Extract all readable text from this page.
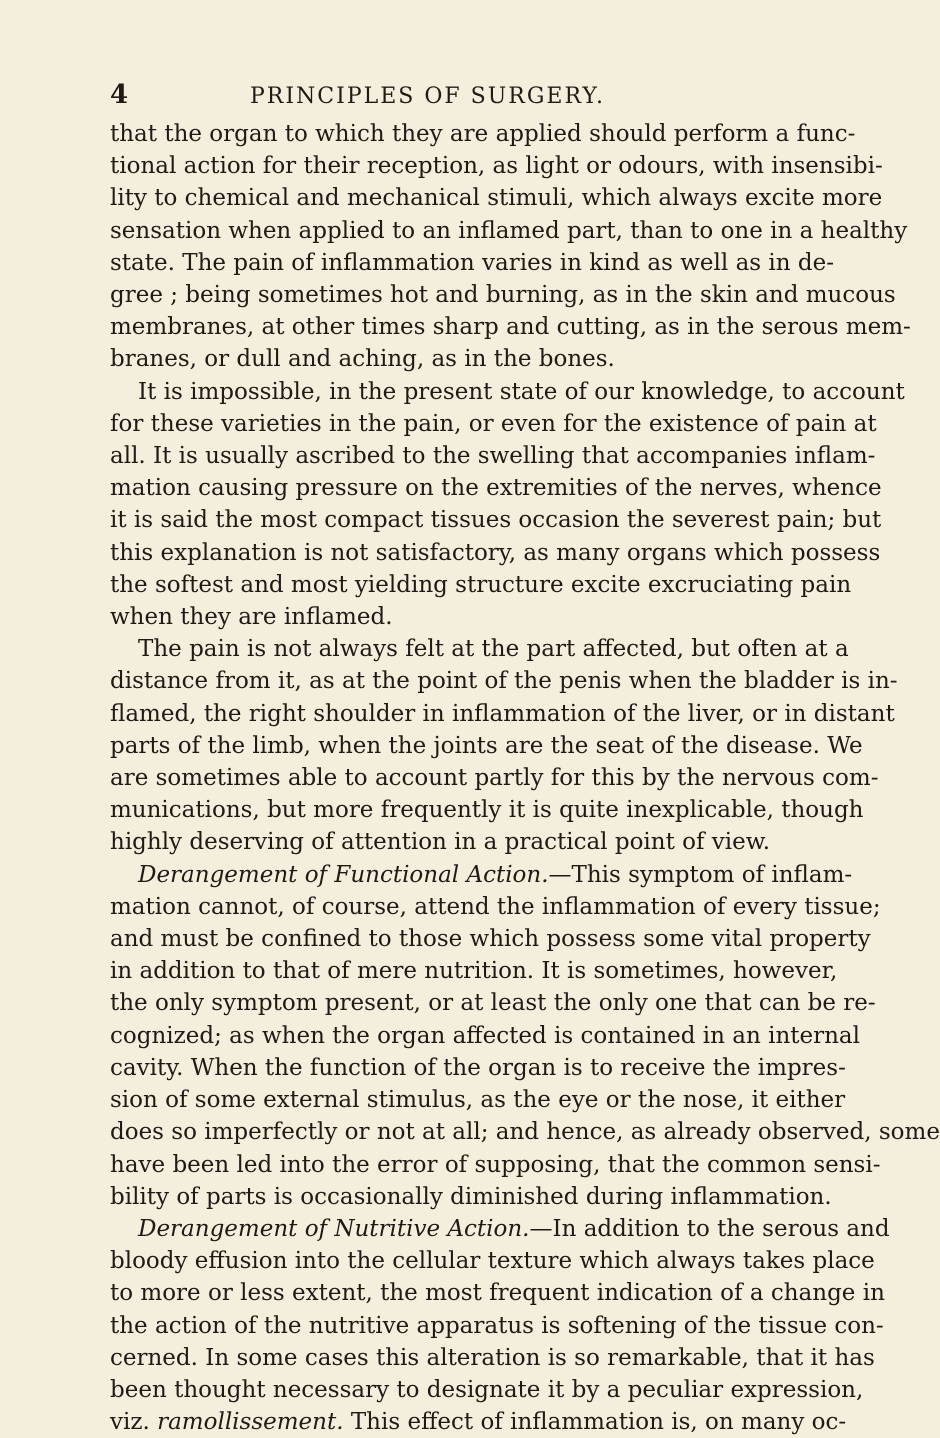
4	PRINCIPLES OF SURGERY.
that the organ to which they are applied should perform a func-
tional action for their reception, as light or odours, with insensibi-
lity to chemical and mechanical stimuli, which always excite more
sensation when applied to an inflamed part, than to one in a healthy
state. The pain of inflammation varies in kind as well as in de-
gree ; being sometimes hot and burning, as in the skin and mucous
membranes, at other times sharp and cutting, as in the serous mem-
branes, or dull and aching, as in the bones.
It is impossible, in the present state of our knowledge, to account
for these varieties in the pain, or even for the existence of pain at
all. It is usually ascribed to the swelling that accompanies inflam-
mation causing pressure on the extremities of the nerves, whence
it is said the most compact tissues occasion the severest pain; but
this explanation is not satisfactory, as many organs which possess
the softest and most yielding structure excite excruciating pain
when they are inflamed.
The pain is not always felt at the part affected, but often at a
distance from it, as at the point of the penis when the bladder is in-
flamed, the right shoulder in inflammation of the liver, or in distant
parts of the limb, when the joints are the seat of the disease. We
are sometimes able to account partly for this by the nervous com-
munications, but more frequently it is quite inexplicable, though
highly deserving of attention in a practical point of view.
Derangement of Functional Action.—This symptom of inflam-
mation cannot, of course, attend the inflammation of every tissue;
and must be confined to those which possess some vital property
in addition to that of mere nutrition. It is sometimes, however,
the only symptom present, or at least the only one that can be re-
cognized; as when the organ affected is contained in an internal
cavity. When the function of the organ is to receive the impres-
sion of some external stimulus, as the eye or the nose, it either
does so imperfectly or not at all; and hence, as already observed, some
have been led into the error of supposing, that the common sensi-
bility of parts is occasionally diminished during inflammation.
Derangement of Nutritive Action.—In addition to the serous and
bloody effusion into the cellular texture which always takes place
to more or less extent, the most frequent indication of a change in
the action of the nutritive apparatus is softening of the tissue con-
cerned. In some cases this alteration is so remarkable, that it has
been thought necessary to designate it by a peculiar expression,
viz. ramollissement. This effect of inflammation is, on many oc-
